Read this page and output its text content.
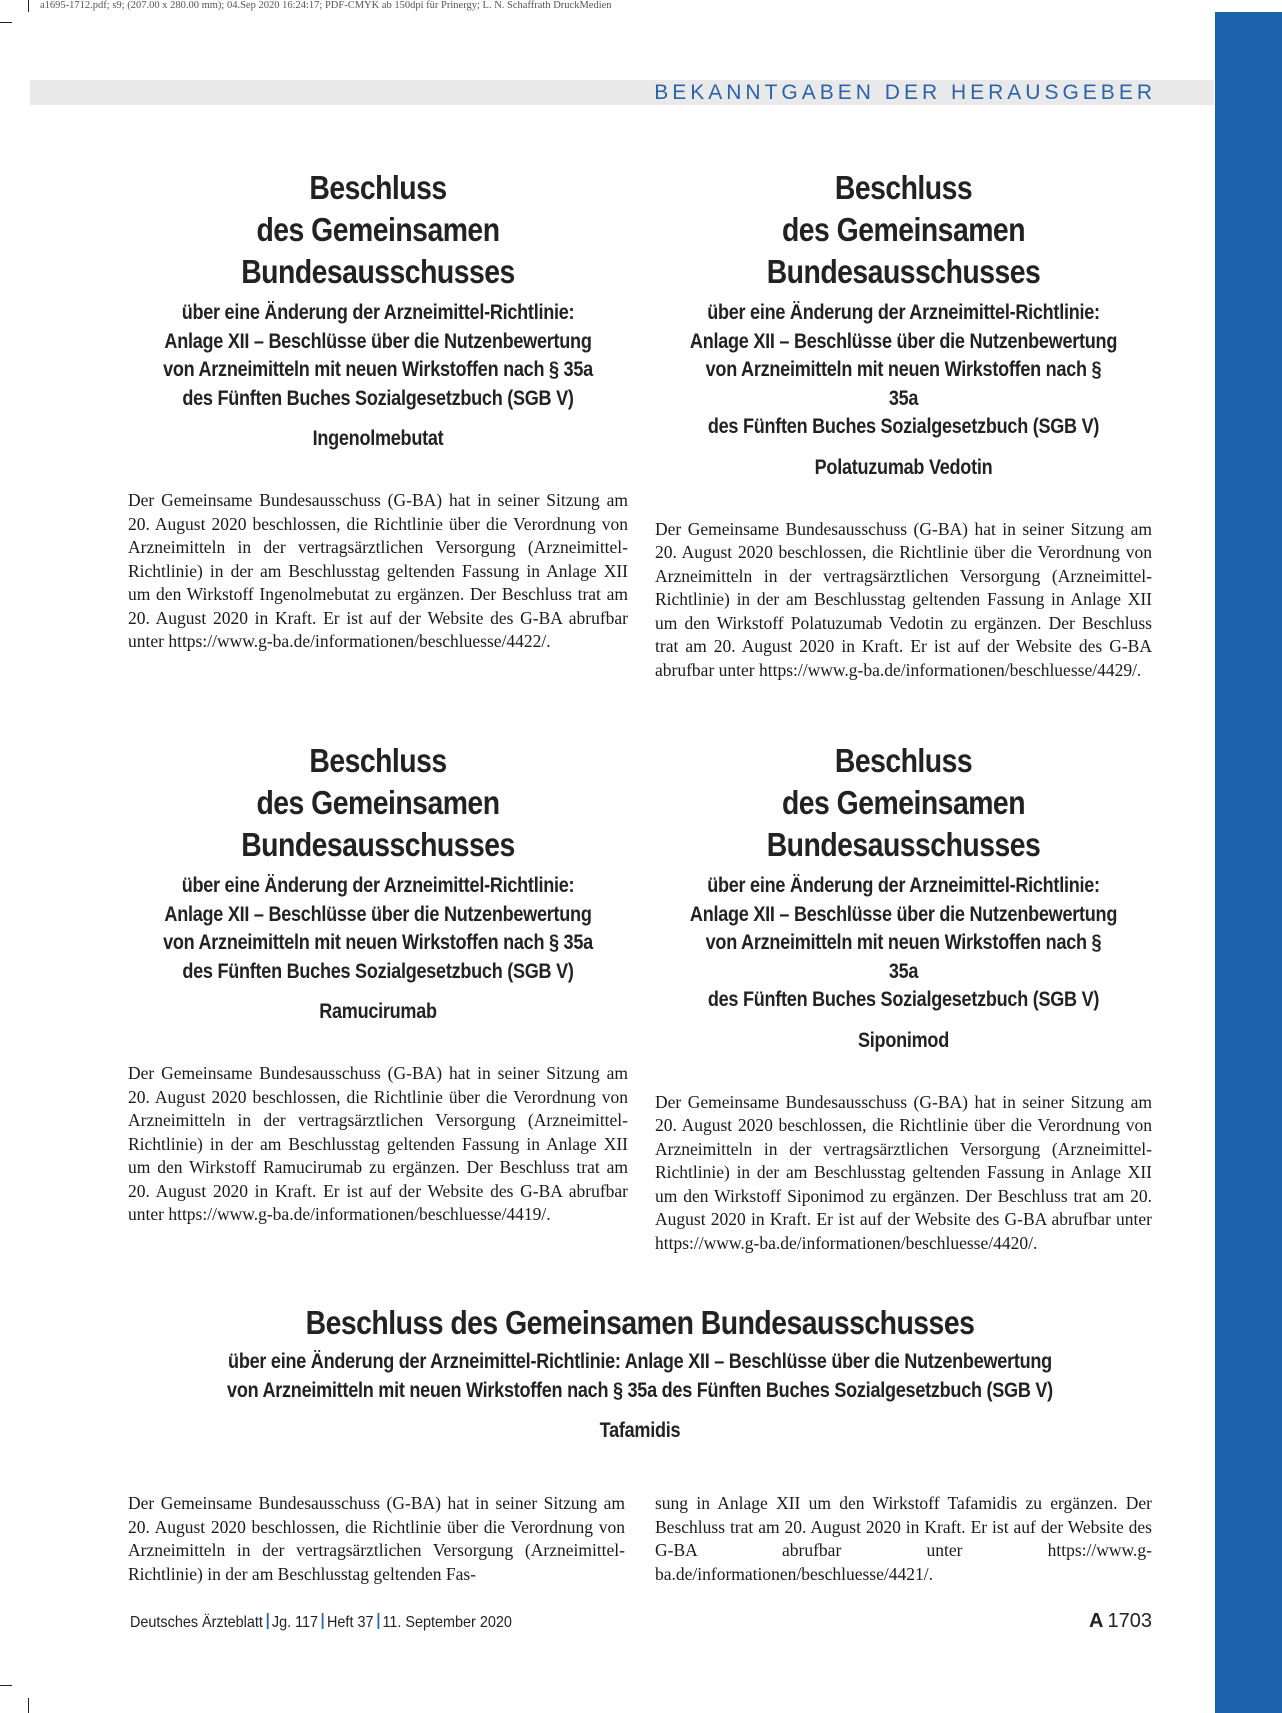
a1695-1712.pdf; s9; (207.00 x 280.00 mm); 04.Sep 2020 16:24:17; PDF-CMYK ab 150dpi für Prinergy; L. N. Schaffrath DruckMedien
BEKANNTGABEN DER HERAUSGEBER
Beschluss
des Gemeinsamen Bundesausschusses
über eine Änderung der Arzneimittel-Richtlinie:
Anlage XII – Beschlüsse über die Nutzenbewertung
von Arzneimitteln mit neuen Wirkstoffen nach § 35a
des Fünften Buches Sozialgesetzbuch (SGB V)
Ingenolmebutat

Der Gemeinsame Bundesausschuss (G-BA) hat in seiner Sitzung am 20. August 2020 beschlossen, die Richtlinie über die Verordnung von Arzneimitteln in der vertragsärztlichen Versorgung (Arzneimittel-Richtlinie) in der am Beschlusstag geltenden Fassung in Anlage XII um den Wirkstoff Ingenolmebutat zu ergänzen. Der Beschluss trat am 20. August 2020 in Kraft. Er ist auf der Website des G-BA abrufbar unter https://www.g-ba.de/informationen/beschluesse/4422/.

Beschluss
des Gemeinsamen Bundesausschusses
über eine Änderung der Arzneimittel-Richtlinie:
Anlage XII – Beschlüsse über die Nutzenbewertung
von Arzneimitteln mit neuen Wirkstoffen nach § 35a
des Fünften Buches Sozialgesetzbuch (SGB V)
Polatuzumab Vedotin

Der Gemeinsame Bundesausschuss (G-BA) hat in seiner Sitzung am 20. August 2020 beschlossen, die Richtlinie über die Verordnung von Arzneimitteln in der vertragsärztlichen Versorgung (Arzneimittel-Richtlinie) in der am Beschlusstag geltenden Fassung in Anlage XII um den Wirkstoff Polatuzumab Vedotin zu ergänzen. Der Beschluss trat am 20. August 2020 in Kraft. Er ist auf der Website des G-BA abrufbar unter https://www.g-ba.de/informationen/beschluesse/4429/.

Beschluss
des Gemeinsamen Bundesausschusses
über eine Änderung der Arzneimittel-Richtlinie:
Anlage XII – Beschlüsse über die Nutzenbewertung
von Arzneimitteln mit neuen Wirkstoffen nach § 35a
des Fünften Buches Sozialgesetzbuch (SGB V)
Ramucirumab

Der Gemeinsame Bundesausschuss (G-BA) hat in seiner Sitzung am 20. August 2020 beschlossen, die Richtlinie über die Verordnung von Arzneimitteln in der vertragsärztlichen Versorgung (Arzneimittel-Richtlinie) in der am Beschlusstag geltenden Fassung in Anlage XII um den Wirkstoff Ramucirumab zu ergänzen. Der Beschluss trat am 20. August 2020 in Kraft. Er ist auf der Website des G-BA abrufbar unter https://www.g-ba.de/informationen/beschluesse/4419/.

Beschluss
des Gemeinsamen Bundesausschusses
über eine Änderung der Arzneimittel-Richtlinie:
Anlage XII – Beschlüsse über die Nutzenbewertung
von Arzneimitteln mit neuen Wirkstoffen nach § 35a
des Fünften Buches Sozialgesetzbuch (SGB V)
Siponimod

Der Gemeinsame Bundesausschuss (G-BA) hat in seiner Sitzung am 20. August 2020 beschlossen, die Richtlinie über die Verordnung von Arzneimitteln in der vertragsärztlichen Versorgung (Arzneimittel-Richtlinie) in der am Beschlusstag geltenden Fassung in Anlage XII um den Wirkstoff Siponimod zu ergänzen. Der Beschluss trat am 20. August 2020 in Kraft. Er ist auf der Website des G-BA abrufbar unter https://www.g-ba.de/informationen/beschluesse/4420/.

Beschluss des Gemeinsamen Bundesausschusses
über eine Änderung der Arzneimittel-Richtlinie: Anlage XII – Beschlüsse über die Nutzenbewertung
von Arzneimitteln mit neuen Wirkstoffen nach § 35a des Fünften Buches Sozialgesetzbuch (SGB V)
Tafamidis

Der Gemeinsame Bundesausschuss (G-BA) hat in seiner Sitzung am 20. August 2020 beschlossen, die Richtlinie über die Verordnung von Arzneimitteln in der vertragsärztlichen Versorgung (Arzneimittel-Richtlinie) in der am Beschlusstag geltenden Fas-

sung in Anlage XII um den Wirkstoff Tafamidis zu ergänzen. Der Beschluss trat am 20. August 2020 in Kraft. Er ist auf der Website des G-BA abrufbar unter https://www.g-ba.de/informationen/beschluesse/4421/.

Deutsches Ärzteblatt Jg. 117 Heft 37 11. September 2020	A 1703
